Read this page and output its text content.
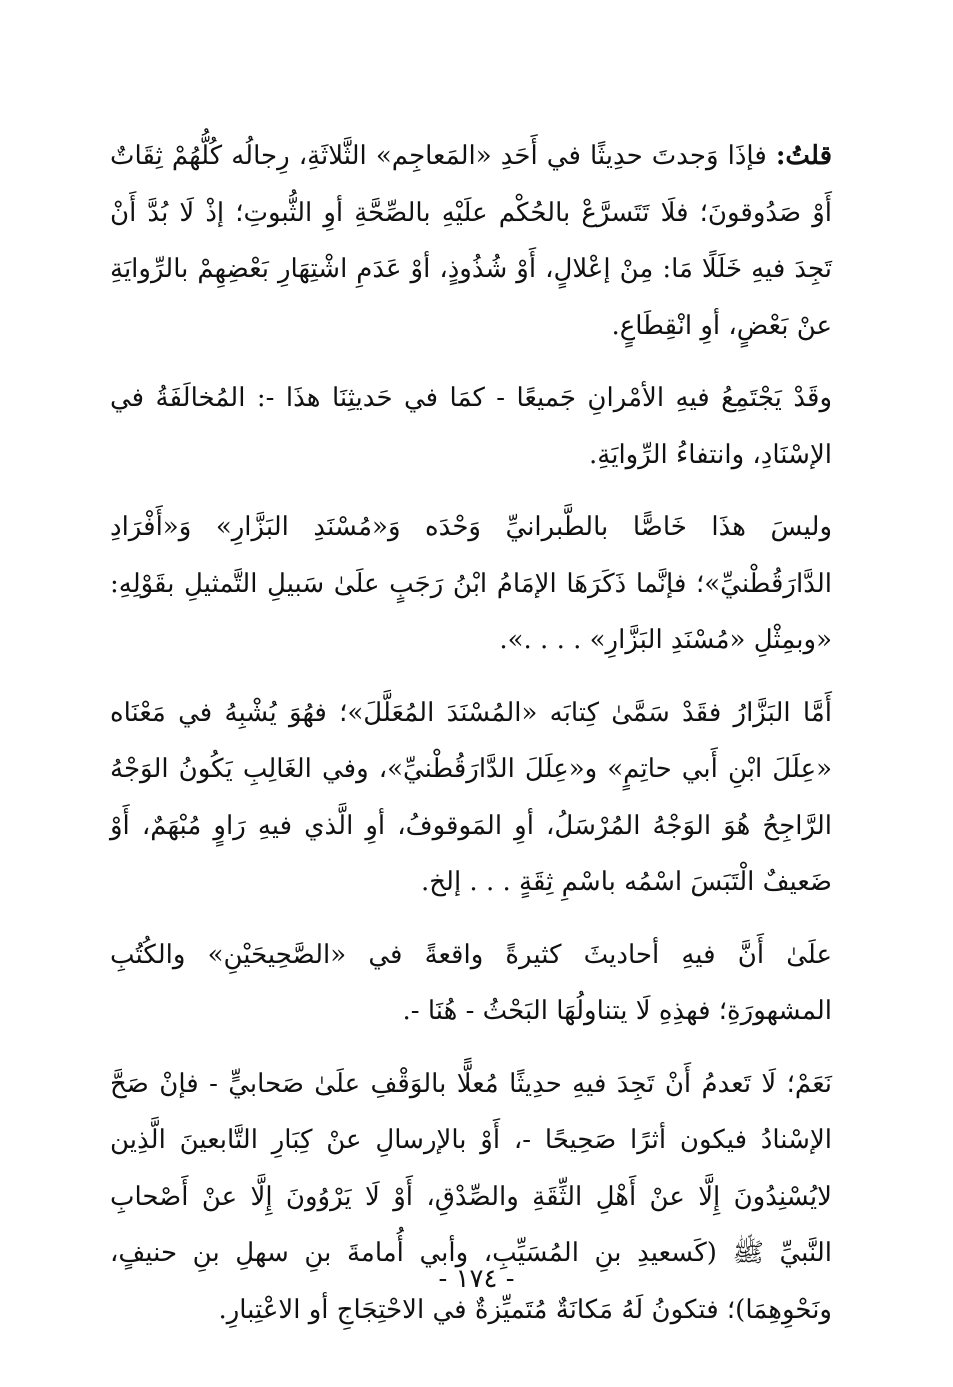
قلتُ: فإذَا وَجدتَ حدِيثًا في أَحَدِ «المَعاجِم» الثَّلاثَةِ، رِجالُه كُلُّهُمْ ثِقَاتٌ أَوْ صَدُوقونَ؛ فلَا تَتَسرَّعْ بالحُكْم علَيْهِ بالصِّحَّةِ أوِ الثُّبوتِ؛ إذْ لَا بُدَّ أَنْ تَجِدَ فيهِ خَلَلًا مَا: مِنْ إعْلالٍ، أَوْ شُذُوذٍ، أوْ عَدَمِ اشْتِهَارِ بَعْضِهِمْ بالرِّوايَةِ عنْ بَعْضٍ، أوِ انْقِطَاعٍ.

وقَدْ يَجْتَمِعُ فيهِ الأمْرانِ جَميعًا - كمَا في حَديثِنَا هذَا -: المُخالَفَةُ في الإسْنَادِ، وانتفاءُ الرِّوايَةِ.

وليسَ هذَا خَاصًّا بالطَّبرانيِّ وَحْدَه وَ«مُسْنَدِ البَزَّارِ» وَ«أَفْرَادِ الدَّارَقُطْنيِّ»؛ فإنَّما ذَكَرَهَا الإمَامُ ابْنُ رَجَبٍ علَىٰ سَبيلِ التَّمثيلِ بقَوْلِهِ: «وبمِثْلِ «مُسْنَدِ البَزَّارِ» . . . .».

أَمَّا البَزَّارُ فقَدْ سَمَّىٰ كِتابَه «المُسْنَدَ المُعَلَّلَ»؛ فهُوَ يُشْبِهُ في مَعْنَاه «عِلَلَ ابْنِ أَبي حاتِمٍ» و«عِلَلَ الدَّارَقُطْنيِّ»، وفي الغَالِبِ يَكُونُ الوَجْهُ الرَّاجِحُ هُوَ الوَجْهُ المُرْسَلُ، أوِ المَوقوفُ، أوِ الَّذي فيهِ رَاوٍ مُبْهَمٌ، أَوْ ضَعيفٌ الْتَبَسَ اسْمُه باسْمِ ثِقَةٍ . . . إلخ.

علَىٰ أَنَّ فيهِ أحاديثَ كثيرةً واقعةً في «الصَّحِيحَيْنِ» والكُتُبِ المشهورَةِ؛ فهذِهِ لَا يتناولُهَا البَحْثُ - هُنَا -.

نَعَمْ؛ لَا تَعدمُ أَنْ تَجِدَ فيهِ حدِيثًا مُعلًّا بالوَقْفِ علَىٰ صَحابيٍّ - فإنْ صَحَّ الإسْنادُ فيكون أثرًا صَحِيحًا -، أَوْ بالإرسالِ عنْ كِبَارِ التَّابعينَ الَّذِين لايُسْنِدُونَ إِلَّا عنْ أَهْلِ الثِّقَةِ والصِّدْقِ، أَوْ لَا يَرْوُونَ إِلَّا عنْ أَصْحابِ النَّبيِّ ﷺ (كَسعيدِ بنِ المُسَيِّبِ، وأبي أُمامةَ بنِ سهلِ بنِ حنيفٍ، ونَحْوِهِمَا)؛ فتكونُ لَهُ مَكانَةٌ مُتَميِّزةٌ في الاحْتِجَاجِ أو الاعْتِبارِ.

- ١٧٤ -
